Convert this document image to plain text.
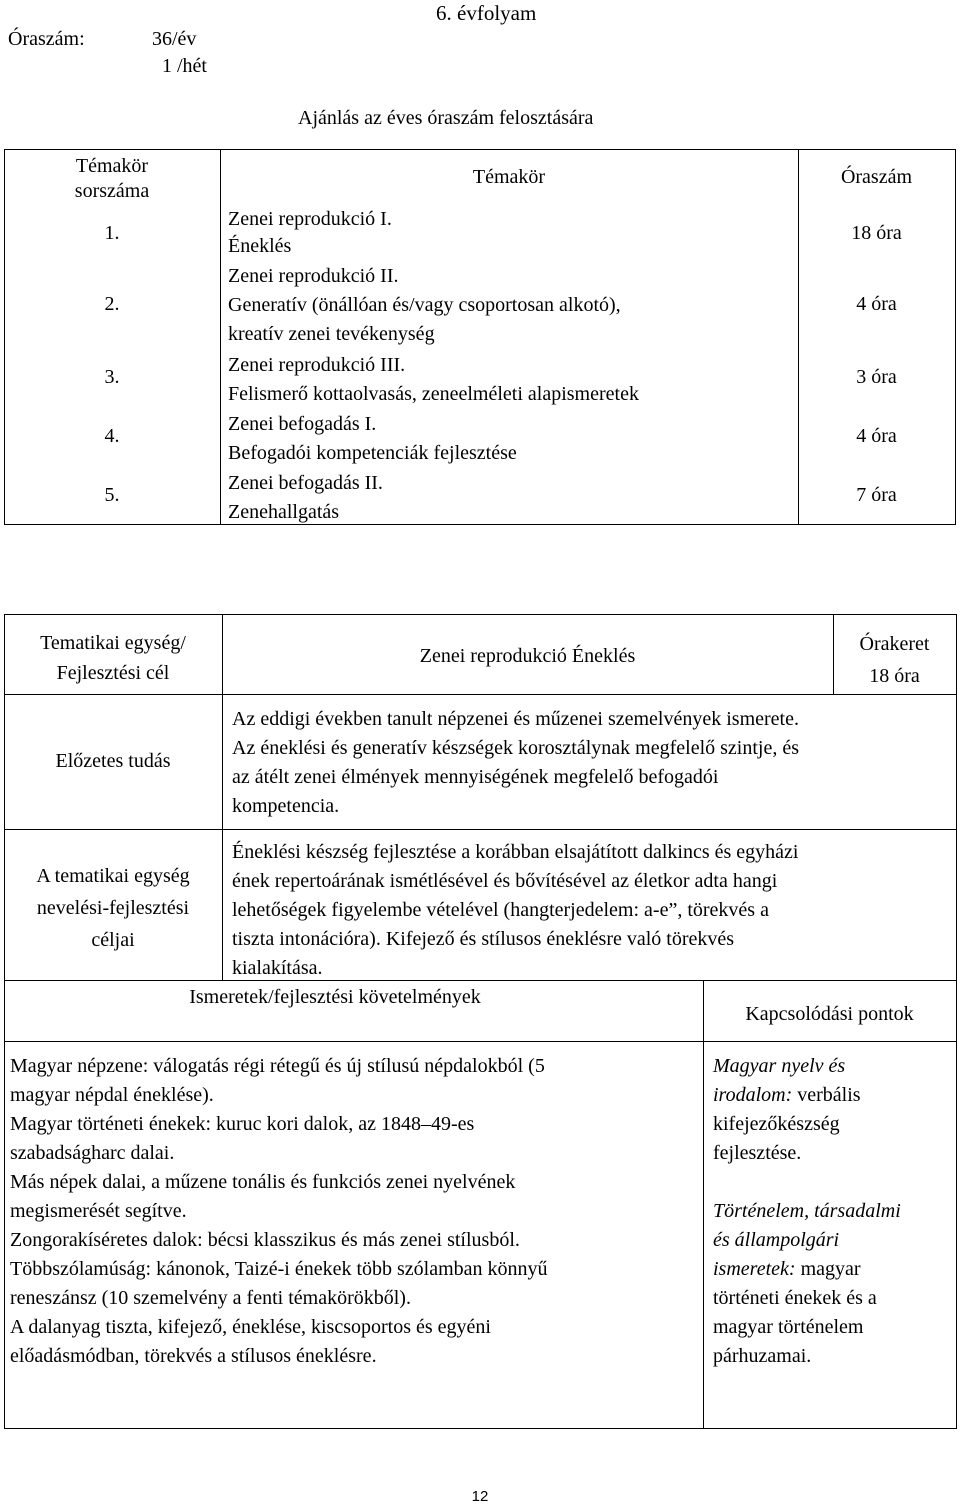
Óraszám:	36/év
1 /hét
6. évfolyam
Ajánlás az éves óraszám felosztására
Témakör
sorszáma
Témakör	Óraszám
1.
Zenei reprodukció I.
Éneklés
18 óra
2.
Zenei reprodukció II.
Generatív (önállóan és/vagy csoportosan alkotó),
kreatív zenei tevékenység
4 óra
3.
Zenei reprodukció III.
Felismerő kottaolvasás, zeneelméleti alapismeretek
3 óra
4.
Zenei befogadás I.
Befogadói kompetenciák fejlesztése
4 óra
5.
Zenei befogadás II.
Zenehallgatás
7 óra
Tematikai egység/
Fejlesztési cél
Zenei reprodukció Éneklés
Órakeret
18 óra
Előzetes tudás
Az eddigi években tanult népzenei és műzenei szemelvények ismerete.
Az éneklési és generatív készségek korosztálynak megfelelő szintje, és
az átélt zenei élmények mennyiségének megfelelő befogadói
kompetencia.
A tematikai egység
nevelési-fejlesztési
céljai
Éneklési készség fejlesztése a korábban elsajátított dalkincs és egyházi
ének repertoárának ismétlésével és bővítésével az életkor adta hangi
lehetőségek figyelembe vételével (hangterjedelem: a-e”, törekvés a
tiszta intonációra). Kifejező és stílusos éneklésre való törekvés
kialakítása.
Ismeretek/fejlesztési követelmények
Kapcsolódási pontok
Magyar népzene: válogatás régi rétegű és új stílusú népdalokból (5
magyar népdal éneklése).
Magyar történeti énekek: kuruc kori dalok, az 1848–49-es
szabadságharc dalai.
Más népek dalai, a műzene tonális és funkciós zenei nyelvének
megismerését segítve.
Zongorakíséretes dalok: bécsi klasszikus és más zenei stílusból.
Többszólamúság: kánonok, Taizé-i énekek több szólamban könnyű
reneszánsz (10 szemelvény a fenti témakörökből).
A dalanyag tiszta, kifejező, éneklése, kiscsoportos és egyéni
előadásmódban, törekvés a stílusos éneklésre.
Magyar nyelv és
irodalom: verbális
kifejezőkészség
fejlesztése.
Történelem, társadalmi
és állampolgári
ismeretek: magyar
történeti énekek és a
magyar történelem
párhuzamai.
12
